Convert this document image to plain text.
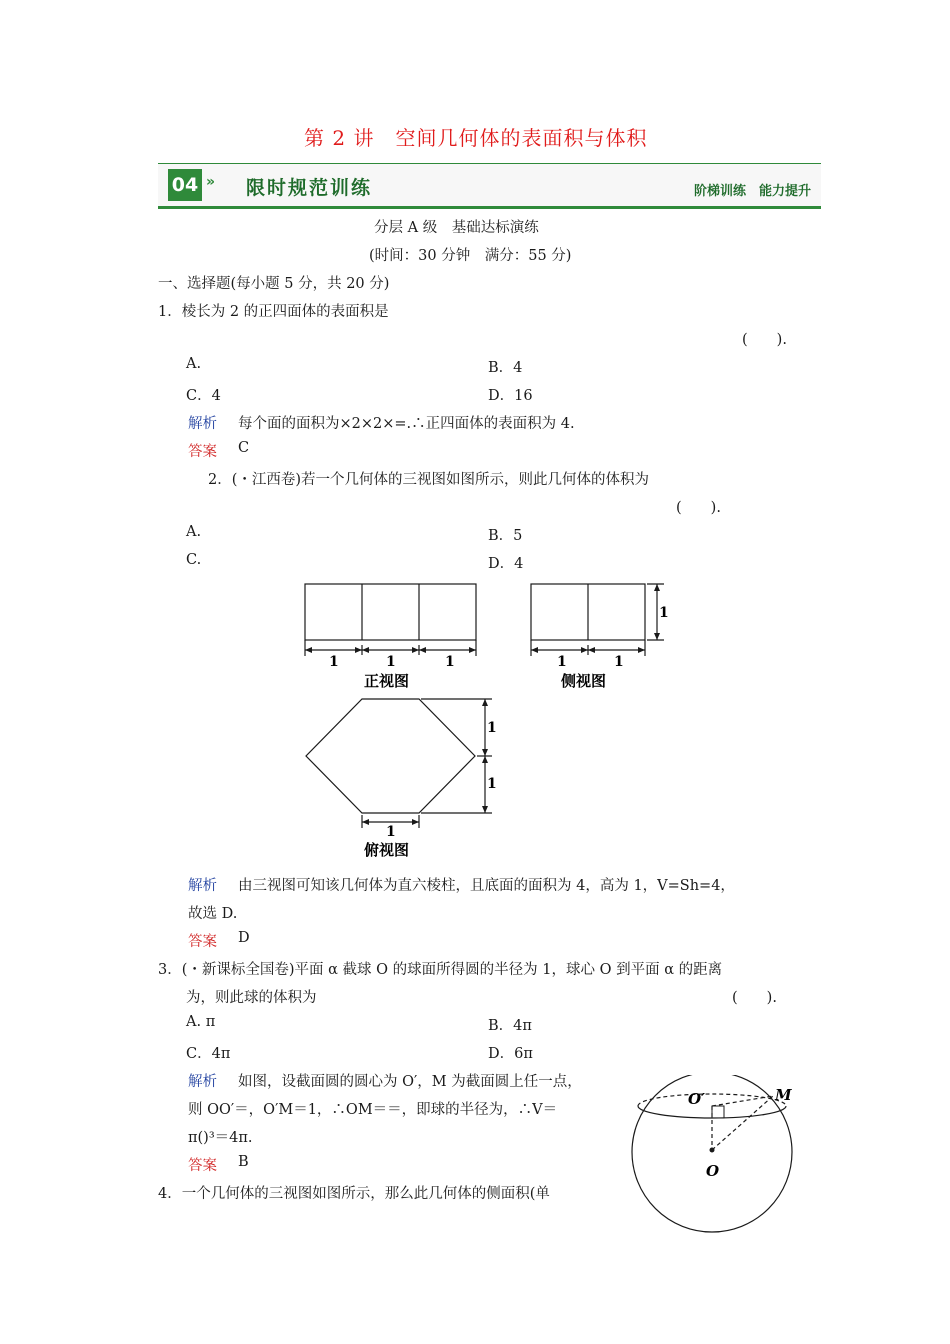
第 2 讲　空间几何体的表面积与体积
04 » 限时规范训练	阶梯训练　能力提升
分层 A 级　基础达标演练
(时间：30 分钟　满分：55 分)
一、选择题(每小题 5 分，共 20 分)
1．棱长为 2 的正四面体的表面积是
(　　).
A.	B．4
C．4	D．16
解析 每个面的面积为×2×2×=.∴正四面体的表面积为 4.
答案 C
2．(・江西卷)若一个几何体的三视图如图所示，则此几何体的体积为
(　　).
A.	B．5
C.	D．4
1	1	1	1	1
1
1
1
1
正视图	侧视图
俯视图
解析 由三视图可知该几何体为直六棱柱，且底面的面积为 4，高为 1，V=Sh=4，
故选 D.
答案 D
3．(・新课标全国卷)平面 α 截球 O 的球面所得圆的半径为 1，球心 O 到平面 α 的距离
为，则此球的体积为	(　　).
A. π	B．4π
C．4π	D．6π
解析 如图，设截面圆的圆心为 O′，M 为截面圆上任一点，
则 OO′＝，O′M＝1，∴OM＝＝，即球的半径为，∴V＝
π()³＝4π.
答案 B
O′	M
O
4．一个几何体的三视图如图所示，那么此几何体的侧面积(单
